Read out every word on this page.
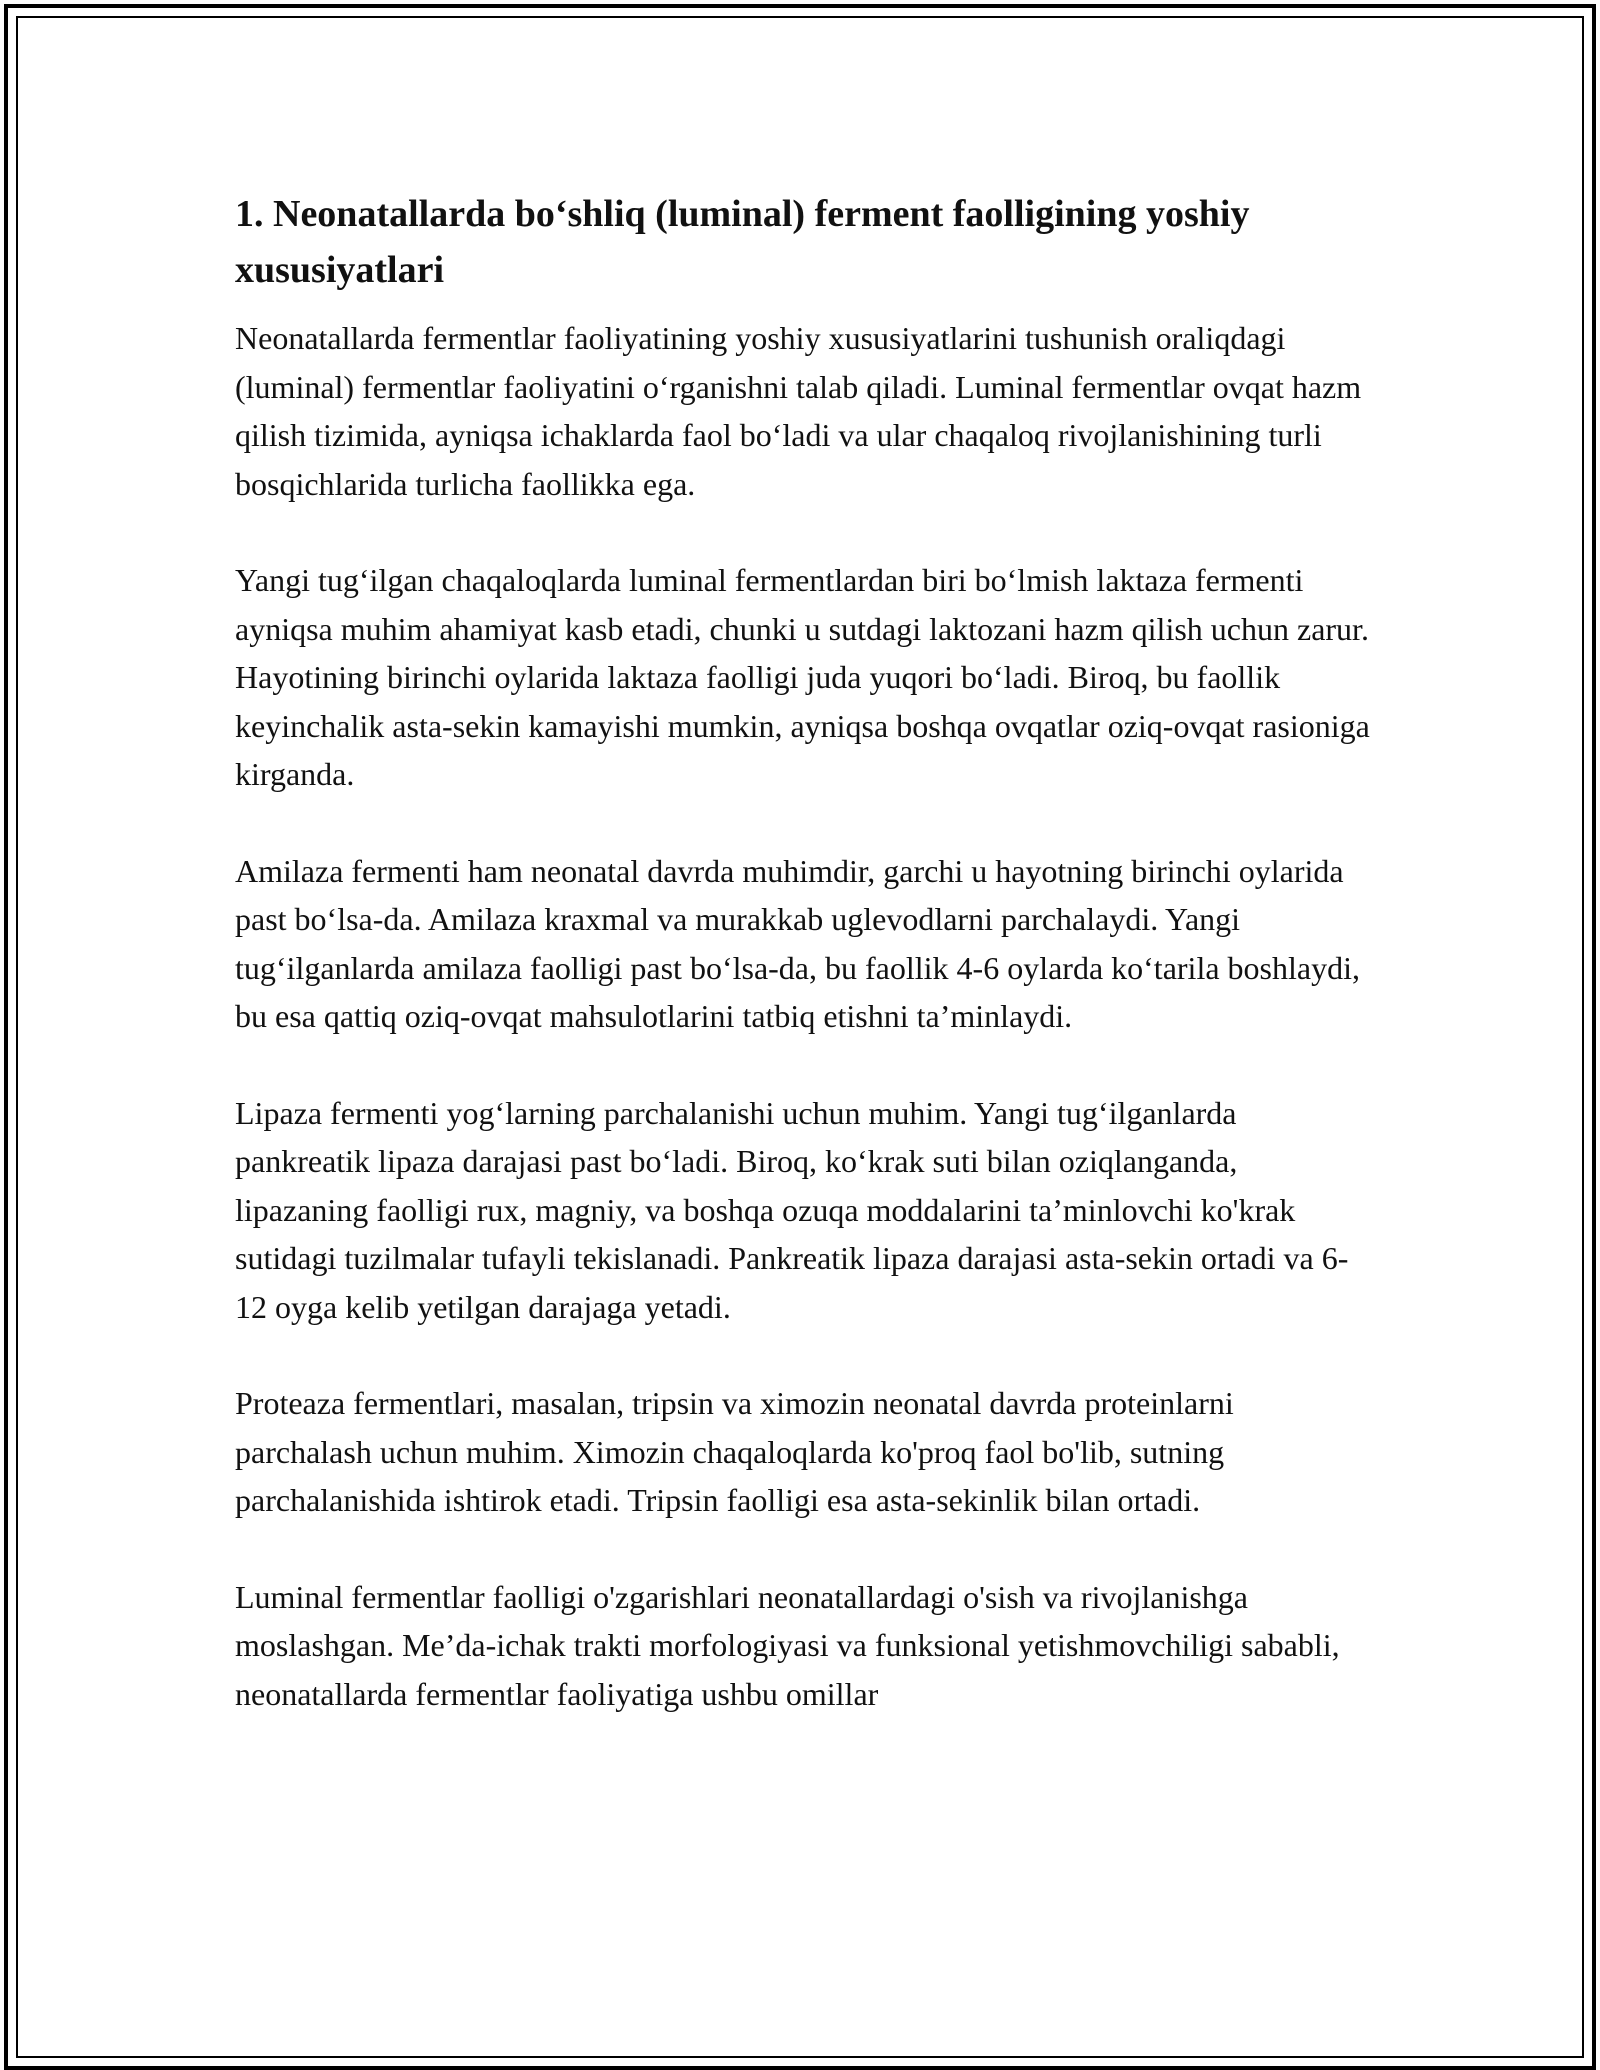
1. Neonatallarda bo‘shliq (luminal) ferment faolligining yoshiy xususiyatlari

Neonatallarda fermentlar faoliyatining yoshiy xususiyatlarini tushunish oraliqdagi (luminal) fermentlar faoliyatini o‘rganishni talab qiladi. Luminal fermentlar ovqat hazm qilish tizimida, ayniqsa ichaklarda faol bo‘ladi va ular chaqaloq rivojlanishining turli bosqichlarida turlicha faollikka ega.

Yangi tug‘ilgan chaqaloqlarda luminal fermentlardan biri bo‘lmish laktaza fermenti ayniqsa muhim ahamiyat kasb etadi, chunki u sutdagi laktozani hazm qilish uchun zarur. Hayotining birinchi oylarida laktaza faolligi juda yuqori bo‘ladi. Biroq, bu faollik keyinchalik asta-sekin kamayishi mumkin, ayniqsa boshqa ovqatlar oziq-ovqat rasioniga kirganda.

Amilaza fermenti ham neonatal davrda muhimdir, garchi u hayotning birinchi oylarida past bo‘lsa-da. Amilaza kraxmal va murakkab uglevodlarni parchalaydi. Yangi tug‘ilganlarda amilaza faolligi past bo‘lsa-da, bu faollik 4-6 oylarda ko‘tarila boshlaydi, bu esa qattiq oziq-ovqat mahsulotlarini tatbiq etishni ta’minlaydi.

Lipaza fermenti yog‘larning parchalanishi uchun muhim. Yangi tug‘ilganlarda pankreatik lipaza darajasi past bo‘ladi. Biroq, ko‘krak suti bilan oziqlanganda, lipazaning faolligi rux, magniy, va boshqa ozuqa moddalarini ta’minlovchi ko'krak sutidagi tuzilmalar tufayli tekislanadi. Pankreatik lipaza darajasi asta-sekin ortadi va 6-12 oyga kelib yetilgan darajaga yetadi.

Proteaza fermentlari, masalan, tripsin va ximozin neonatal davrda proteinlarni parchalash uchun muhim. Ximozin chaqaloqlarda ko'proq faol bo'lib, sutning parchalanishida ishtirok etadi. Tripsin faolligi esa asta-sekinlik bilan ortadi.

Luminal fermentlar faolligi o'zgarishlari neonatallardagi o'sish va rivojlanishga moslashgan. Me’da-ichak trakti morfologiyasi va funksional yetishmovchiligi sababli, neonatallarda fermentlar faoliyatiga ushbu omillar
